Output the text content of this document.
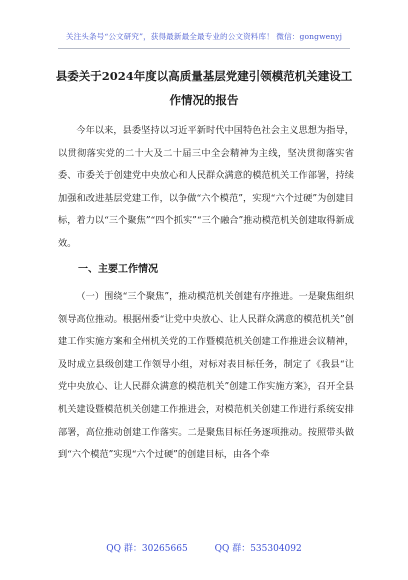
关注头条号“公文研究”，获得最新最全最专业的公文资料库！ 微信：gongwenyj
县委关于2024年度以高质量基层党建引领模范机关建设工
作情况的报告

今年以来，县委坚持以习近平新时代中国特色社会主义思想为指导，以贯彻落实党的二十大及二十届三中全会精神为主线，坚决贯彻落实省委、市委关于创建党中央放心和人民群众满意的模范机关工作部署，持续加强和改进基层党建工作，以争做“六个模范”，实现“六个过硬”为创建目标，着力以“三个聚焦”“四个抓实”“三个融合”推动模范机关创建取得新成效。

一、主要工作情况

（一）围绕“三个聚焦”，推动模范机关创建有序推进。一是聚焦组织领导高位推动。根据州委“让党中央放心、让人民群众满意的模范机关”创建工作实施方案和全州机关党的工作暨模范机关创建工作推进会议精神，及时成立县级创建工作领导小组，对标对表目标任务，制定了《我县“让党中央放心、让人民群众满意的模范机关”创建工作实施方案》，召开全县机关建设暨模范机关创建工作推进会，对模范机关创建工作进行系统安排部署，高位推动创建工作落实。二是聚焦目标任务逐项推动。按照带头做到“六个模范”实现“六个过硬”的创建目标，由各个牵

QQ 群：30265665	QQ 群：535304092
